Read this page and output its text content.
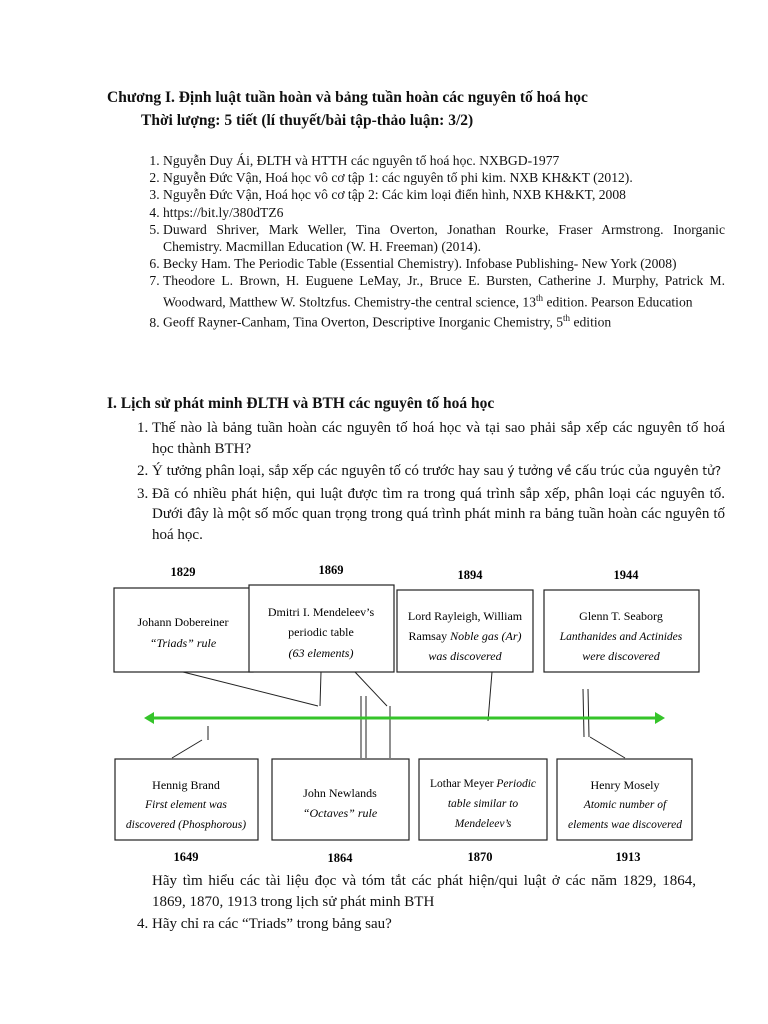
Chương I. Định luật tuần hoàn và bảng tuần hoàn các nguyên tố hoá học
Thời lượng: 5 tiết (lí thuyết/bài tập-thảo luận: 3/2)
1. Nguyễn Duy Ái, ĐLTH và HTTH các nguyên tố hoá học. NXBGD-1977
2. Nguyễn Đức Vận, Hoá học vô cơ tập 1: các nguyên tố phi kim. NXB KH&KT (2012).
3. Nguyễn Đức Vận, Hoá học vô cơ tập 2: Các kim loại điển hình, NXB KH&KT, 2008
4. https://bit.ly/380dTZ6
5. Duward Shriver, Mark Weller, Tina Overton, Jonathan Rourke, Fraser Armstrong. Inorganic Chemistry. Macmillan Education (W. H. Freeman) (2014).
6. Becky Ham. The Periodic Table (Essential Chemistry). Infobase Publishing- New York (2008)
7. Theodore L. Brown, H. Euguene LeMay, Jr., Bruce E. Bursten, Catherine J. Murphy, Patrick M. Woodward, Matthew W. Stoltzfus. Chemistry-the central science, 13th edition. Pearson Education
8. Geoff Rayner-Canham, Tina Overton, Descriptive Inorganic Chemistry, 5th edition
I. Lịch sử phát minh ĐLTH và BTH các nguyên tố hoá học
1. Thế nào là bảng tuần hoàn các nguyên tố hoá học và tại sao phải sắp xếp các nguyên tố hoá học thành BTH?
2. Ý tưởng phân loại, sắp xếp các nguyên tố có trước hay sau ý tưởng về cấu trúc của nguyên tử?
3. Đã có nhiều phát hiện, qui luật được tìm ra trong quá trình sắp xếp, phân loại các nguyên tố. Dưới đây là một số mốc quan trọng trong quá trình phát minh ra bảng tuần hoàn các nguyên tố hoá học.
1829	1869	1894	1944
Johann Dobereiner
“Triads” rule
Dmitri I. Mendeleev’s
periodic table
(63 elements)
Lord Rayleigh, William
Ramsay Noble gas (Ar)
was discovered
Glenn T. Seaborg
Lanthanides and Actinides
were discovered
Hennig Brand
First element was
discovered (Phosphorous)
John Newlands
“Octaves” rule
Lothar Meyer Periodic
table similar to
Mendeleev’s
Henry Mosely
Atomic number of
elements wae discovered
1649	1864	1870	1913
Hãy tìm hiểu các tài liệu đọc và tóm tắt các phát hiện/qui luật ở các năm 1829, 1864, 1869, 1870, 1913 trong lịch sử phát minh BTH
4. Hãy chỉ ra các “Triads” trong bảng sau?
